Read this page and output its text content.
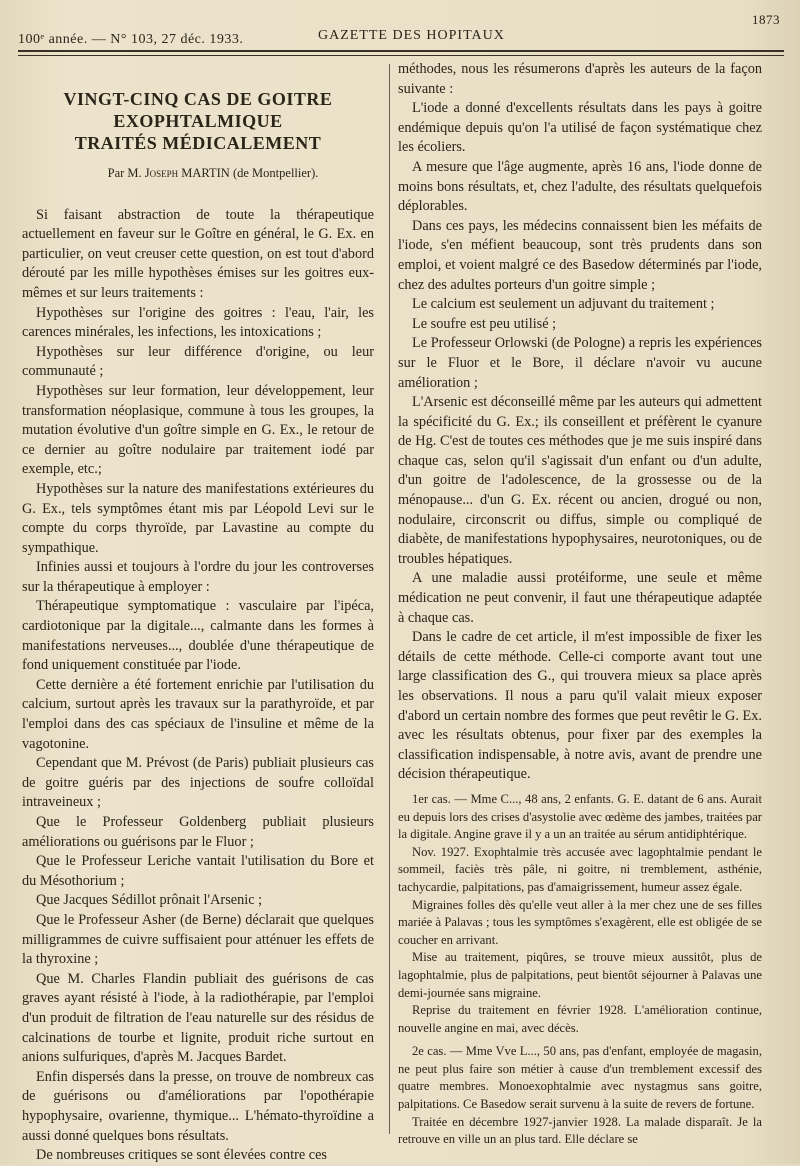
100ᵉ année. — N° 103, 27 déc. 1933.	GAZETTE DES HOPITAUX
1873
VINGT-CINQ CAS DE GOITRE EXOPHTALMIQUE
TRAITÉS MÉDICALEMENT
Par M. Joseph MARTIN (de Montpellier).

Si faisant abstraction de toute la thérapeutique actuellement en faveur sur le Goître en général, le G. Ex. en particulier, on veut creuser cette question, on est tout d'abord dérouté par les mille hypothèses émises sur les goitres eux-mêmes et sur leurs traitements :

Hypothèses sur l'origine des goitres : l'eau, l'air, les carences minérales, les infections, les intoxications ;

Hypothèses sur leur différence d'origine, ou leur communauté ;

Hypothèses sur leur formation, leur développement, leur transformation néoplasique, commune à tous les groupes, la mutation évolutive d'un goître simple en G. Ex., le retour de ce dernier au goître nodulaire par traitement iodé par exemple, etc.;

Hypothèses sur la nature des manifestations extérieures du G. Ex., tels symptômes étant mis par Léopold Levi sur le compte du corps thyroïde, par Lavastine au compte du sympathique.

Infinies aussi et toujours à l'ordre du jour les controverses sur la thérapeutique à employer :

Thérapeutique symptomatique : vasculaire par l'ipéca, cardiotonique par la digitale..., calmante dans les formes à manifestations nerveuses..., doublée d'une thérapeutique de fond uniquement constituée par l'iode.

Cette dernière a été fortement enrichie par l'utilisation du calcium, surtout après les travaux sur la parathyroïde, et par l'emploi dans des cas spéciaux de l'insuline et même de la vagotonine.

Cependant que M. Prévost (de Paris) publiait plusieurs cas de goitre guéris par des injections de soufre colloïdal intraveineux ;

Que le Professeur Goldenberg publiait plusieurs améliorations ou guérisons par le Fluor ;

Que le Professeur Leriche vantait l'utilisation du Bore et du Mésothorium ;

Que Jacques Sédillot prônait l'Arsenic ;

Que le Professeur Asher (de Berne) déclarait que quelques milligrammes de cuivre suffisaient pour atténuer les effets de la thyroxine ;

Que M. Charles Flandin publiait des guérisons de cas graves ayant résisté à l'iode, à la radiothérapie, par l'emploi d'un produit de filtration de l'eau naturelle sur des résidus de calcinations de tourbe et lignite, produit riche surtout en anions sulfuriques, d'après M. Jacques Bardet.

Enfin dispersés dans la presse, on trouve de nombreux cas de guérisons ou d'améliorations par l'opothérapie hypophysaire, ovarienne, thymique... L'hémato-thyroïdine a aussi donné quelques bons résultats.

De nombreuses critiques se sont élevées contre ces

méthodes, nous les résumerons d'après les auteurs de la façon suivante :

L'iode a donné d'excellents résultats dans les pays à goitre endémique depuis qu'on l'a utilisé de façon systématique chez les écoliers.

A mesure que l'âge augmente, après 16 ans, l'iode donne de moins bons résultats, et, chez l'adulte, des résultats quelquefois déplorables.

Dans ces pays, les médecins connaissent bien les méfaits de l'iode, s'en méfient beaucoup, sont très prudents dans son emploi, et voient malgré ce des Basedow déterminés par l'iode, chez des adultes porteurs d'un goitre simple ;

Le calcium est seulement un adjuvant du traitement ;

Le soufre est peu utilisé ;

Le Professeur Orlowski (de Pologne) a repris les expériences sur le Fluor et le Bore, il déclare n'avoir vu aucune amélioration ;

L'Arsenic est déconseillé même par les auteurs qui admettent la spécificité du G. Ex.; ils conseillent et préfèrent le cyanure de Hg. C'est de toutes ces méthodes que je me suis inspiré dans chaque cas, selon qu'il s'agissait d'un enfant ou d'un adulte, d'un goitre de l'adolescence, de la grossesse ou de la ménopause... d'un G. Ex. récent ou ancien, drogué ou non, nodulaire, circonscrit ou diffus, simple ou compliqué de diabète, de manifestations hypophysaires, neurotoniques, ou de troubles hépatiques.

A une maladie aussi protéiforme, une seule et même médication ne peut convenir, il faut une thérapeutique adaptée à chaque cas.

Dans le cadre de cet article, il m'est impossible de fixer les détails de cette méthode. Celle-ci comporte avant tout une large classification des G., qui trouvera mieux sa place après les observations. Il nous a paru qu'il valait mieux exposer d'abord un certain nombre des formes que peut revêtir le G. Ex. avec les résultats obtenus, pour fixer par des exemples la classification indispensable, à notre avis, avant de prendre une décision thérapeutique.

1er cas. — Mme C..., 48 ans, 2 enfants. G. E. datant de 6 ans. Aurait eu depuis lors des crises d'asystolie avec œdème des jambes, traitées par la digitale. Angine grave il y a un an traitée au sérum antidiphtérique.

Nov. 1927. Exophtalmie très accusée avec lagophtalmie pendant le sommeil, faciès très pâle, ni goitre, ni tremblement, asthénie, tachycardie, palpitations, pas d'amaigrissement, humeur assez égale.

Migraines folles dès qu'elle veut aller à la mer chez une de ses filles mariée à Palavas ; tous les symptômes s'exagèrent, elle est obligée de se coucher en arrivant.

Mise au traitement, piqûres, se trouve mieux aussitôt, plus de lagophtalmie, plus de palpitations, peut bientôt séjourner à Palavas une demi-journée sans migraine.

Reprise du traitement en février 1928. L'amélioration continue, nouvelle angine en mai, avec décès.

2e cas. — Mme Vve L..., 50 ans, pas d'enfant, employée de magasin, ne peut plus faire son métier à cause d'un tremblement excessif des quatre membres. Monoexophtalmie avec nystagmus sans goitre, palpitations. Ce Basedow serait survenu à la suite de revers de fortune.

Traitée en décembre 1927-janvier 1928. La malade disparaît. Je la retrouve en ville un an plus tard. Elle déclare se
